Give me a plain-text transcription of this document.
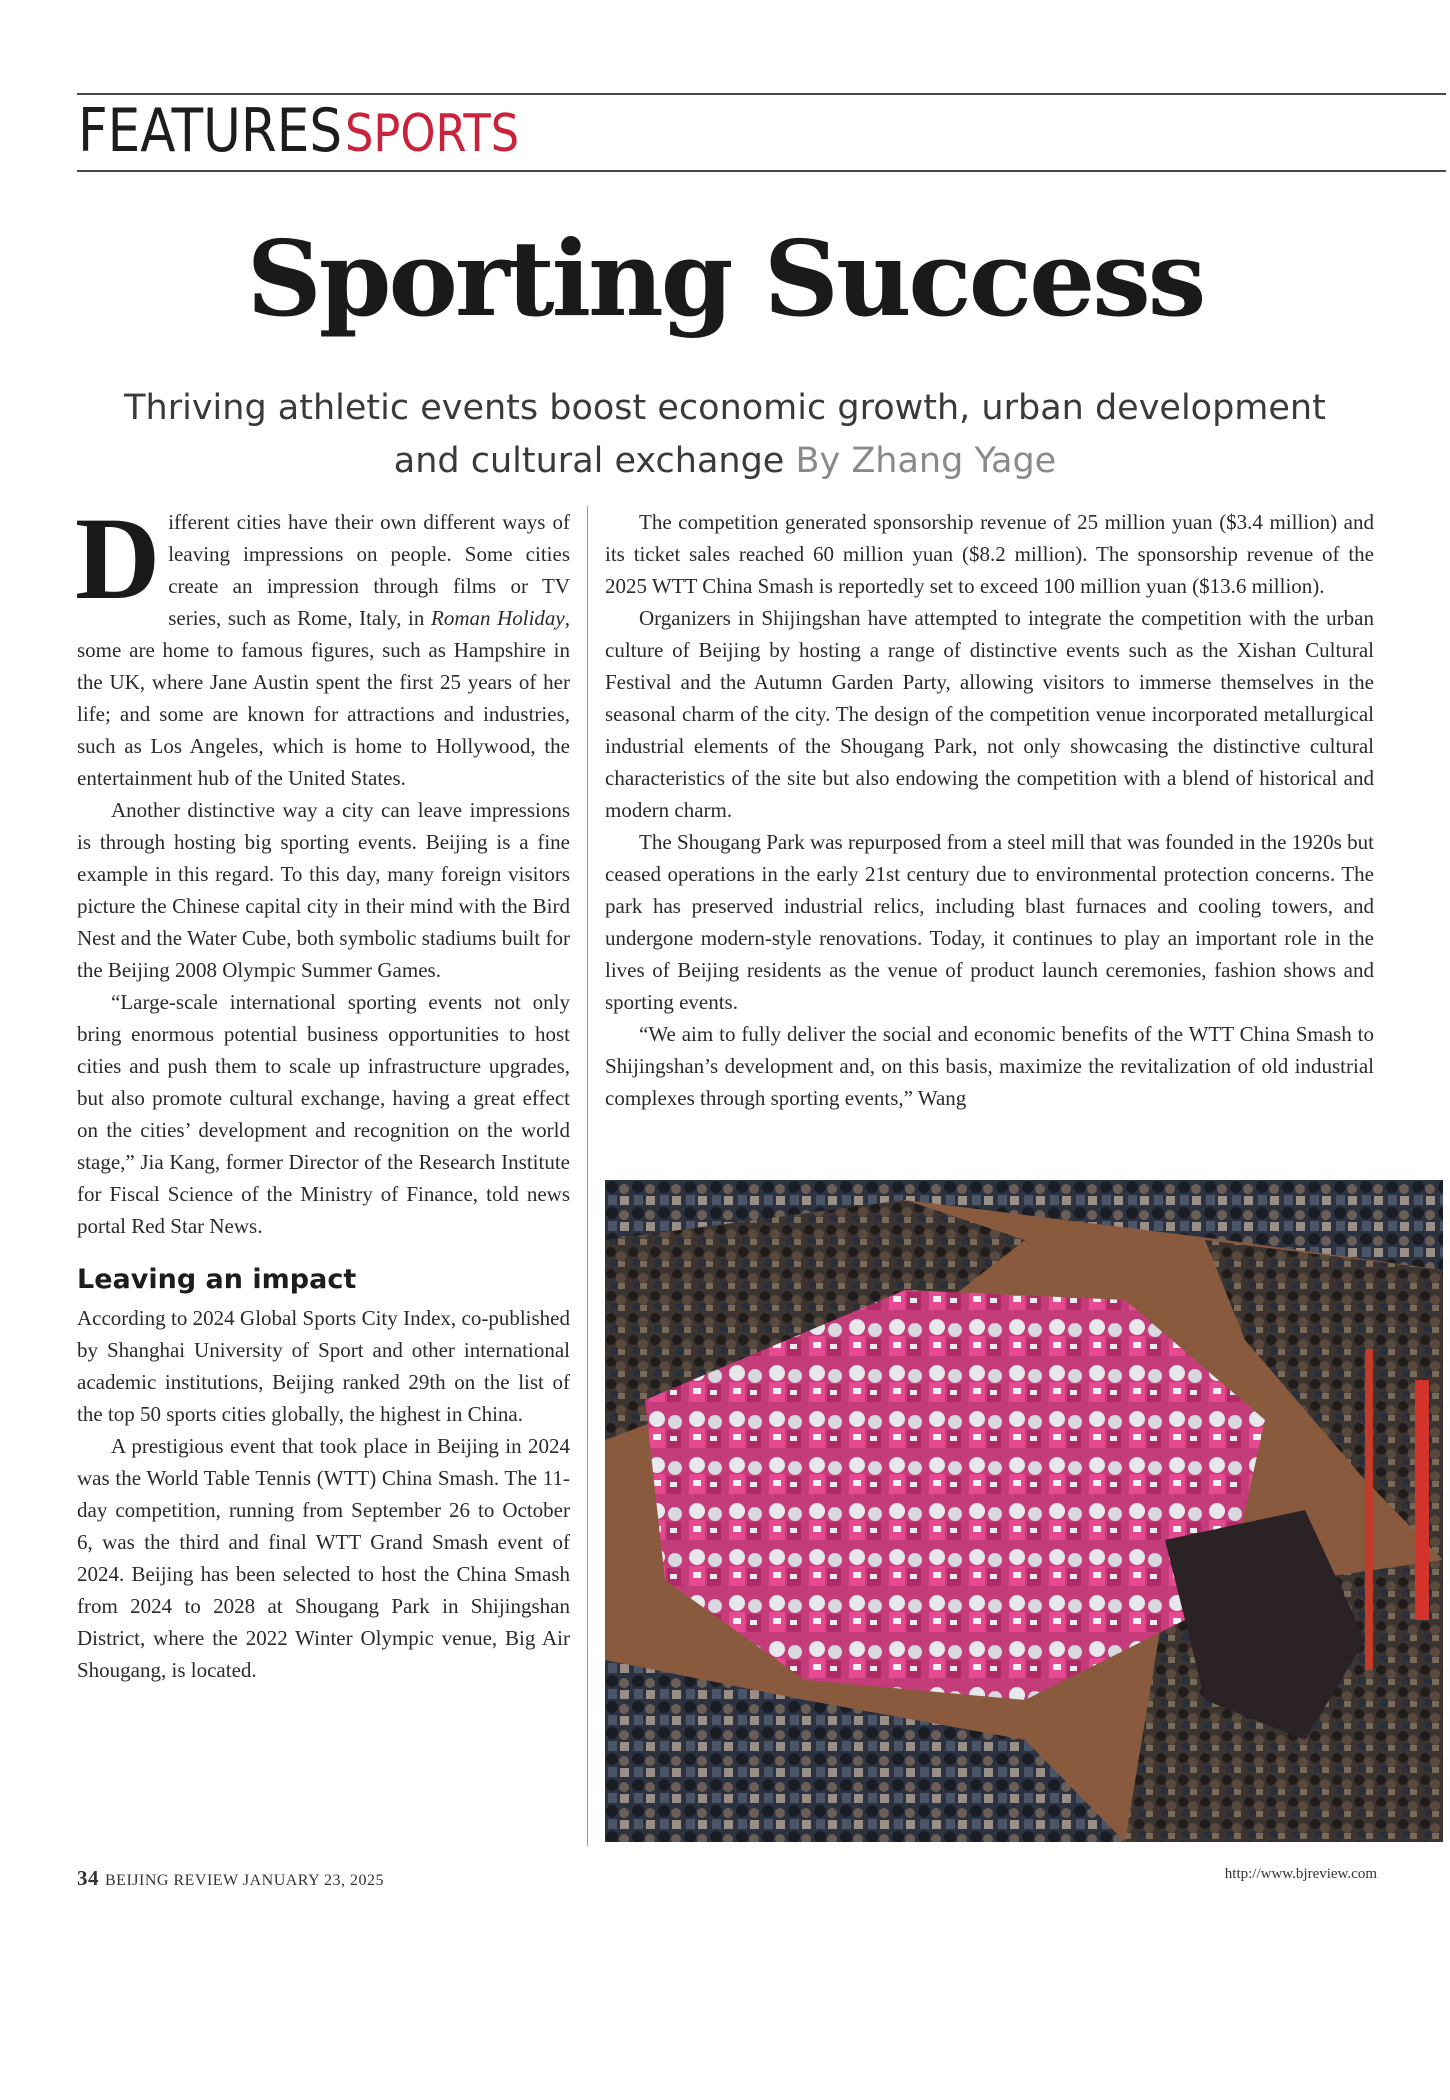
FEATURES SPORTS
Sporting Success

Thriving athletic events boost economic growth, urban development and cultural exchange By Zhang Yage

Different cities have their own different ways of leaving impressions on people. Some cities create an impression through films or TV series, such as Rome, Italy, in Roman Holiday, some are home to famous figures, such as Hampshire in the UK, where Jane Austin spent the first 25 years of her life; and some are known for attractions and industries, such as Los Angeles, which is home to Hollywood, the entertainment hub of the United States.

Another distinctive way a city can leave impressions is through hosting big sporting events. Beijing is a fine example in this regard. To this day, many foreign visitors picture the Chinese capital city in their mind with the Bird Nest and the Water Cube, both symbolic stadiums built for the Beijing 2008 Olympic Summer Games.

“Large-scale international sporting events not only bring enormous potential business opportunities to host cities and push them to scale up infrastructure upgrades, but also promote cultural exchange, having a great effect on the cities’ development and recognition on the world stage,” Jia Kang, former Director of the Research Institute for Fiscal Science of the Ministry of Finance, told news portal Red Star News.

Leaving an impact

According to 2024 Global Sports City Index, co-published by Shanghai University of Sport and other international academic institutions, Beijing ranked 29th on the list of the top 50 sports cities globally, the highest in China.

A prestigious event that took place in Beijing in 2024 was the World Table Tennis (WTT) China Smash. The 11-day competition, running from September 26 to October 6, was the third and final WTT Grand Smash event of 2024. Beijing has been selected to host the China Smash from 2024 to 2028 at Shougang Park in Shijingshan District, where the 2022 Winter Olympic venue, Big Air Shougang, is located.

The competition generated sponsorship revenue of 25 million yuan ($3.4 million) and its ticket sales reached 60 million yuan ($8.2 million). The sponsorship revenue of the 2025 WTT China Smash is reportedly set to exceed 100 million yuan ($13.6 million).

Organizers in Shijingshan have attempted to integrate the competition with the urban culture of Beijing by hosting a range of distinctive events such as the Xishan Cultural Festival and the Autumn Garden Party, allowing visitors to immerse themselves in the seasonal charm of the city. The design of the competition venue incorporated metallurgical industrial elements of the Shougang Park, not only showcasing the distinctive cultural characteristics of the site but also endowing the competition with a blend of historical and modern charm.

The Shougang Park was repurposed from a steel mill that was founded in the 1920s but ceased operations in the early 21st century due to environmental protection concerns. The park has preserved industrial relics, including blast furnaces and cooling towers, and undergone modern-style renovations. Today, it continues to play an important role in the lives of Beijing residents as the venue of product launch ceremonies, fashion shows and sporting events.

“We aim to fully deliver the social and economic benefits of the WTT China Smash to Shijingshan’s development and, on this basis, maximize the revitalization of old industrial complexes through sporting events,” Wang

34 BEIJING REVIEW JANUARY 23, 2025	http://www.bjreview.com
